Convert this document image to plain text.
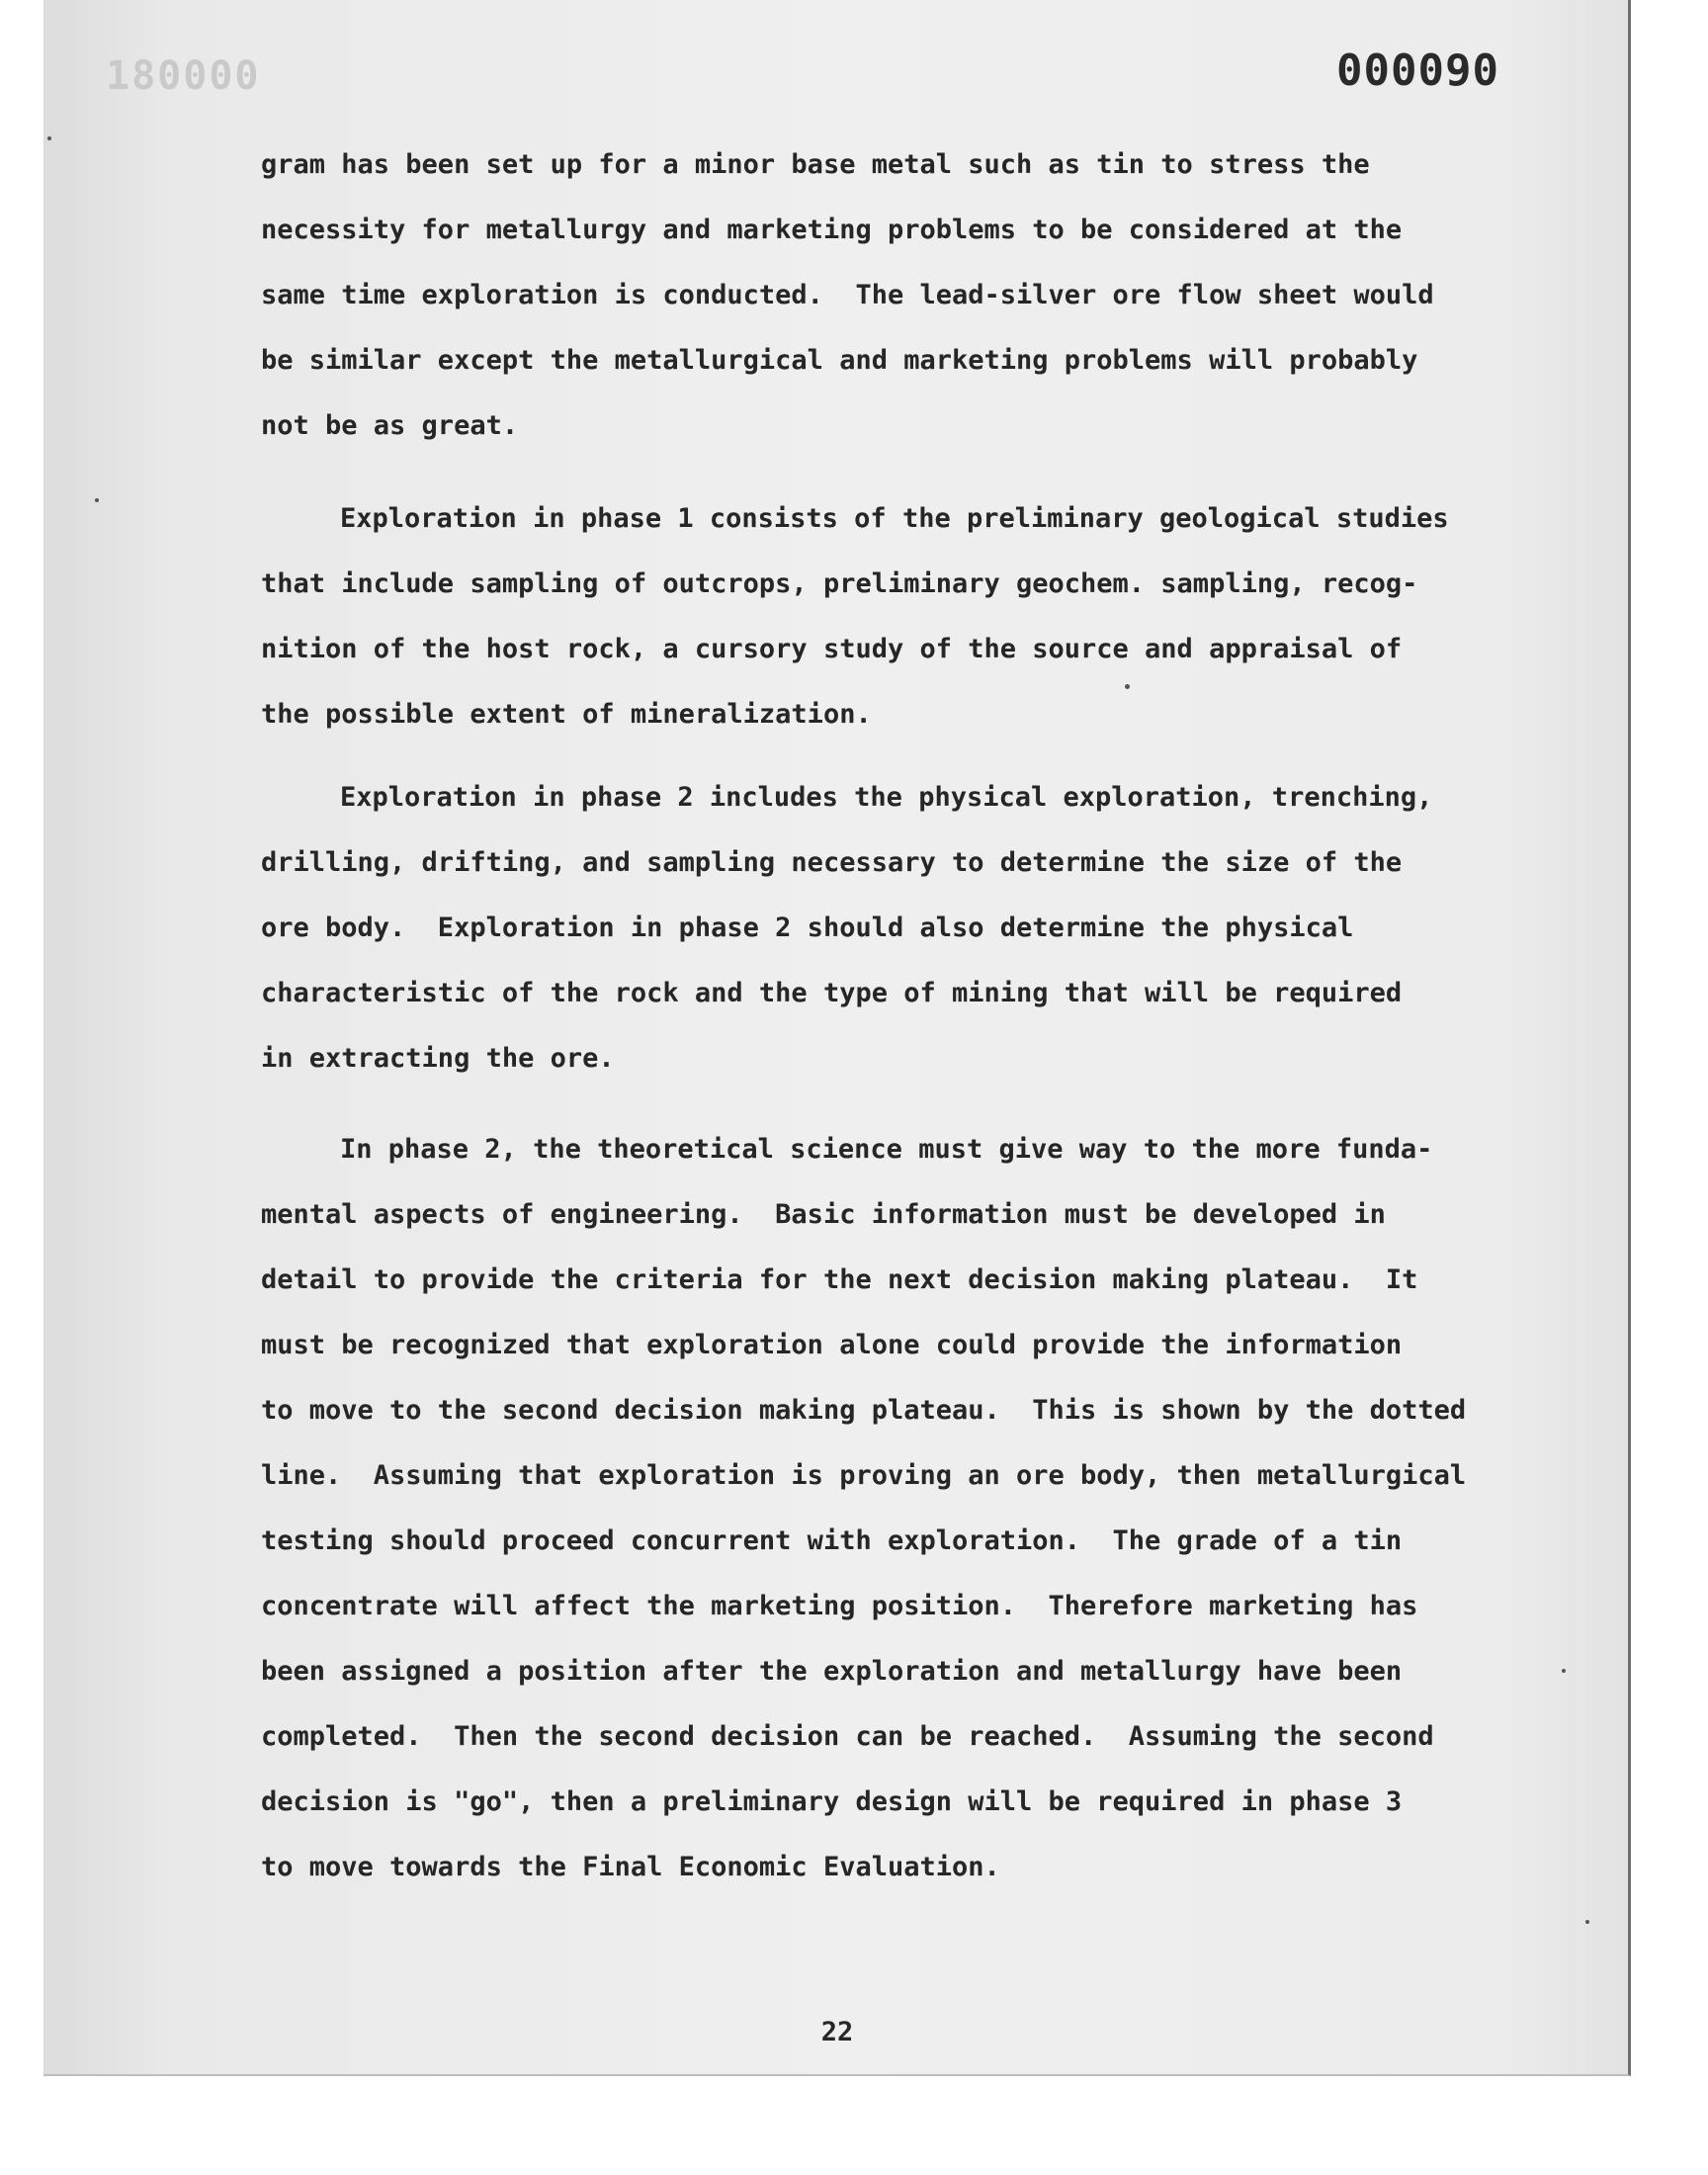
180000	000090
gram has been set up for a minor base metal such as tin to stress the
necessity for metallurgy and marketing problems to be considered at the
same time exploration is conducted.  The lead-silver ore flow sheet would
be similar except the metallurgical and marketing problems will probably
not be as great.
Exploration in phase 1 consists of the preliminary geological studies
that include sampling of outcrops, preliminary geochem. sampling, recog-
nition of the host rock, a cursory study of the source and appraisal of
the possible extent of mineralization.
Exploration in phase 2 includes the physical exploration, trenching,
drilling, drifting, and sampling necessary to determine the size of the
ore body.  Exploration in phase 2 should also determine the physical
characteristic of the rock and the type of mining that will be required
in extracting the ore.
In phase 2, the theoretical science must give way to the more funda-
mental aspects of engineering.  Basic information must be developed in
detail to provide the criteria for the next decision making plateau.  It
must be recognized that exploration alone could provide the information
to move to the second decision making plateau.  This is shown by the dotted
line.  Assuming that exploration is proving an ore body, then metallurgical
testing should proceed concurrent with exploration.  The grade of a tin
concentrate will affect the marketing position.  Therefore marketing has
been assigned a position after the exploration and metallurgy have been
completed.  Then the second decision can be reached.  Assuming the second
decision is "go", then a preliminary design will be required in phase 3
to move towards the Final Economic Evaluation.
22
